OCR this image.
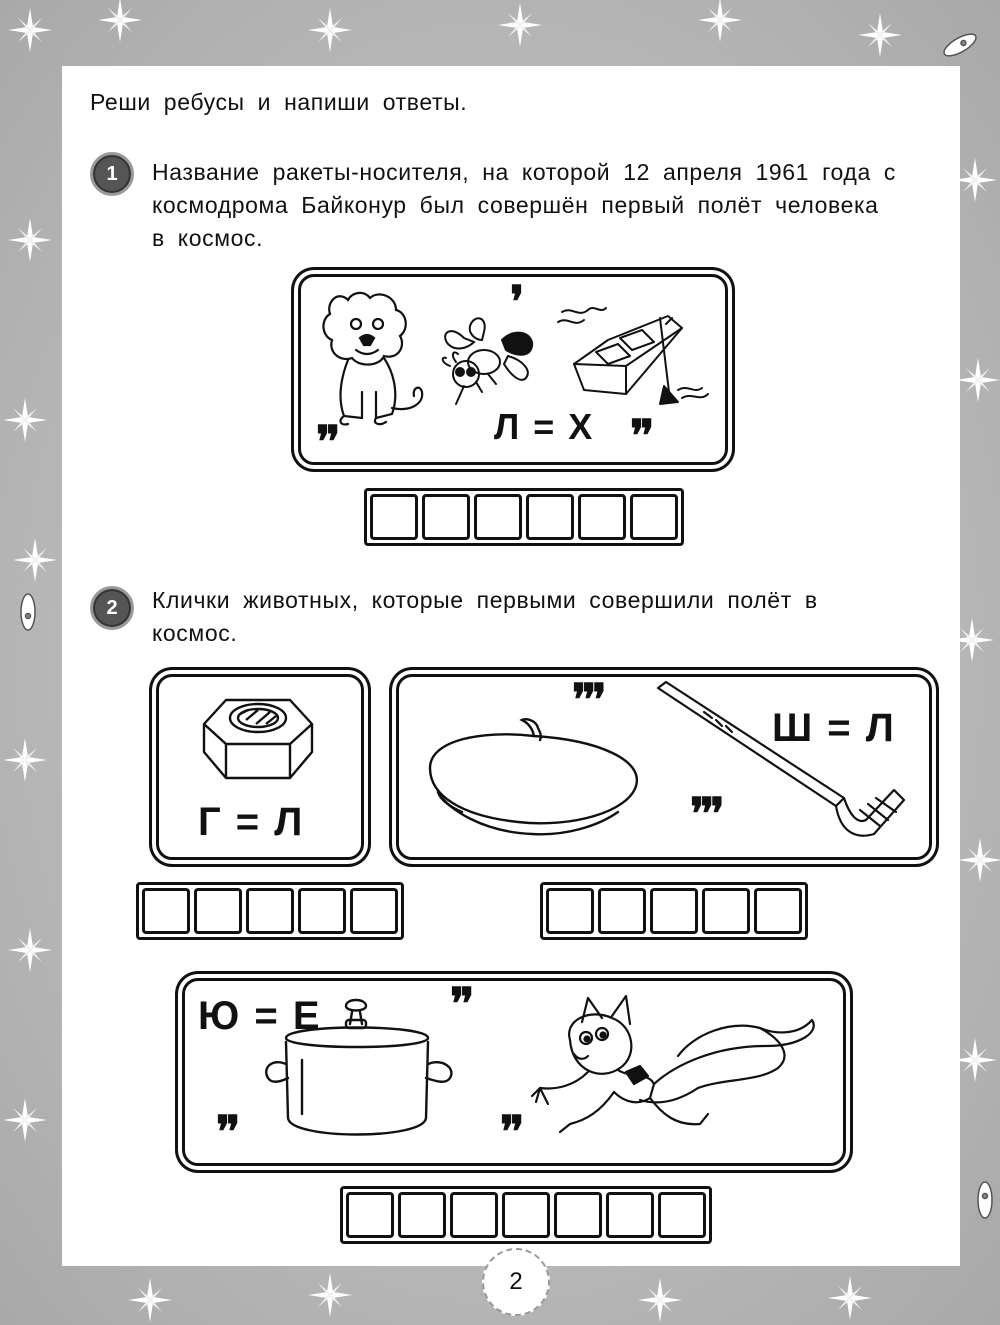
Реши ребусы и напиши ответы.
1	Название ракеты-носителя, на которой 12 апреля 1961 года с
космодрома Байконур был совершён первый полёт человека
в космос.
❜
❜❜	Л = Х ❜❜
2	Клички животных, которые первыми совершили полёт в
космос.
Г = Л
❜❜❜
Ш = Л
❜❜❜
Ю = Е	❜❜
❜❜	❜❜
2
